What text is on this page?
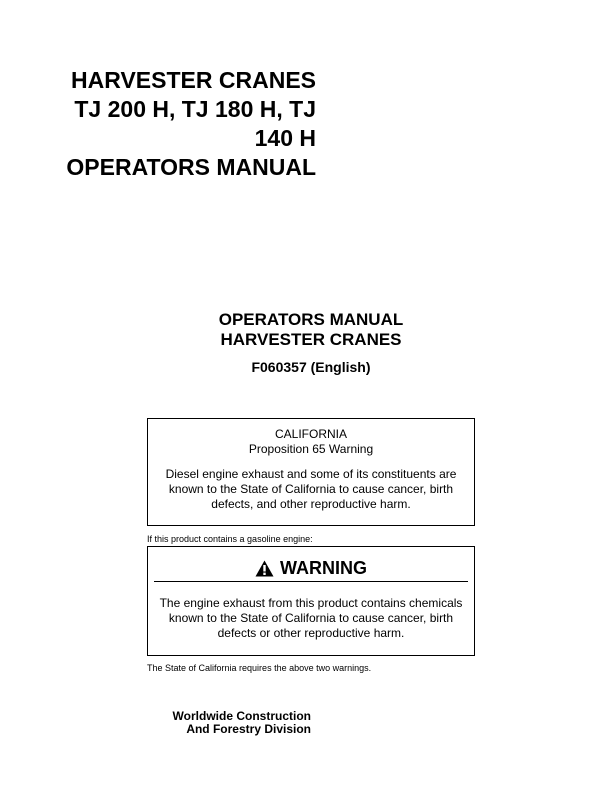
HARVESTER CRANES
TJ 200 H, TJ 180 H, TJ
140 H
OPERATORS MANUAL
OPERATORS MANUAL
HARVESTER CRANES
F060357 (English)
CALIFORNIA
Proposition 65 Warning
Diesel engine exhaust and some of its constituents are
known to the State of California to cause cancer, birth
defects, and other reproductive harm.
If this product contains a gasoline engine:
WARNING
The engine exhaust from this product contains chemicals
known to the State of California to cause cancer, birth
defects or other reproductive harm.
The State of California requires the above two warnings.
Worldwide Construction
And Forestry Division
